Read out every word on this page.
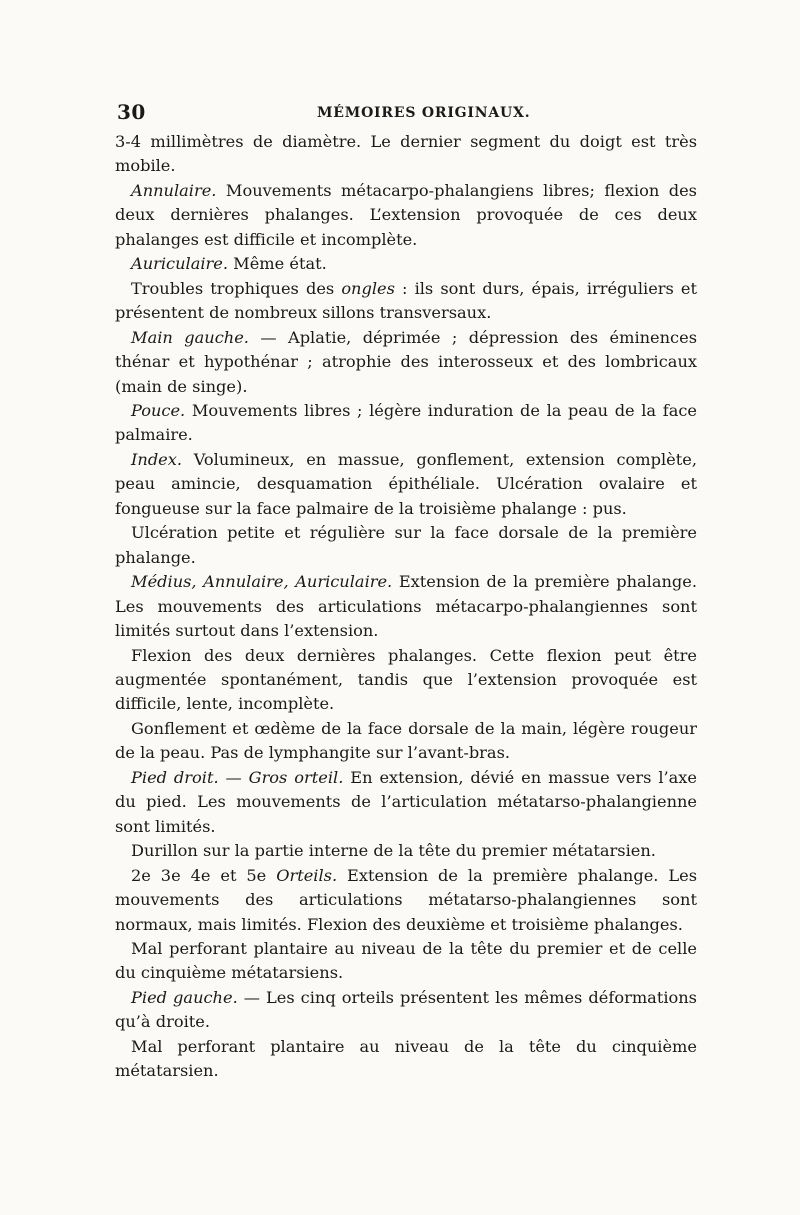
30	MÉMOIRES ORIGINAUX.

3-4 millimètres de diamètre. Le dernier segment du doigt est très mobile.

Annulaire. Mouvements métacarpo-phalangiens libres; flexion des deux dernières phalanges. L’extension provoquée de ces deux phalanges est difficile et incomplète.

Auriculaire. Même état.

Troubles trophiques des ongles : ils sont durs, épais, irréguliers et présentent de nombreux sillons transversaux.

Main gauche. — Aplatie, déprimée ; dépression des éminences thénar et hypothénar ; atrophie des interosseux et des lombricaux (main de singe).

Pouce. Mouvements libres ; légère induration de la peau de la face palmaire.

Index. Volumineux, en massue, gonflement, extension complète, peau amincie, desquamation épithéliale. Ulcération ovalaire et fongueuse sur la face palmaire de la troisième phalange : pus.

Ulcération petite et régulière sur la face dorsale de la première phalange.

Médius, Annulaire, Auriculaire. Extension de la première phalange. Les mouvements des articulations métacarpo-phalangiennes sont limités surtout dans l’extension.

Flexion des deux dernières phalanges. Cette flexion peut être augmentée spontanément, tandis que l’extension provoquée est difficile, lente, incomplète.

Gonflement et œdème de la face dorsale de la main, légère rougeur de la peau. Pas de lymphangite sur l’avant-bras.

Pied droit. — Gros orteil. En extension, dévié en massue vers l’axe du pied. Les mouvements de l’articulation métatarso-phalangienne sont limités.

Durillon sur la partie interne de la tête du premier métatarsien.

2e 3e 4e et 5e Orteils. Extension de la première phalange. Les mouvements des articulations métatarso-phalangiennes sont normaux, mais limités. Flexion des deuxième et troisième phalanges.

Mal perforant plantaire au niveau de la tête du premier et de celle du cinquième métatarsiens.

Pied gauche. — Les cinq orteils présentent les mêmes déformations qu’à droite.

Mal perforant plantaire au niveau de la tête du cinquième métatarsien.
